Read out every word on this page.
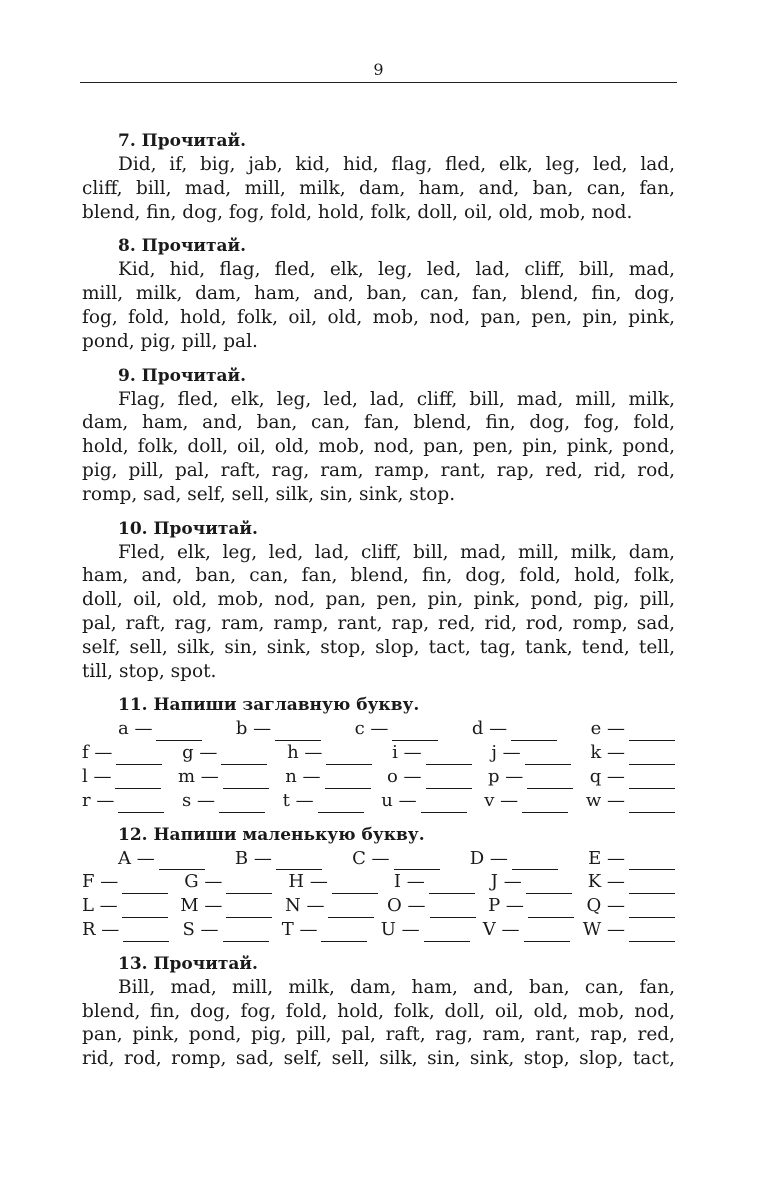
9
7. Прочитай.
Did, if, big, jab, kid, hid, flag, fled, elk, leg, led, lad,
cliff, bill, mad, mill, milk, dam, ham, and, ban, can, fan,
blend, fin, dog, fog, fold, hold, folk, doll, oil, old, mob, nod.
8. Прочитай.
Kid, hid, flag, fled, elk, leg, led, lad, cliff, bill, mad,
mill, milk, dam, ham, and, ban, can, fan, blend, fin, dog,
fog, fold, hold, folk, oil, old, mob, nod, pan, pen, pin, pink,
pond, pig, pill, pal.
9. Прочитай.
Flag, fled, elk, leg, led, lad, cliff, bill, mad, mill, milk,
dam, ham, and, ban, can, fan, blend, fin, dog, fog, fold,
hold, folk, doll, oil, old, mob, nod, pan, pen, pin, pink, pond,
pig, pill, pal, raft, rag, ram, ramp, rant, rap, red, rid, rod,
romp, sad, self, sell, silk, sin, sink, stop.
10. Прочитай.
Fled, elk, leg, led, lad, cliff, bill, mad, mill, milk, dam,
ham, and, ban, can, fan, blend, fin, dog, fold, hold, folk,
doll, oil, old, mob, nod, pan, pen, pin, pink, pond, pig, pill,
pal, raft, rag, ram, ramp, rant, rap, red, rid, rod, romp, sad,
self, sell, silk, sin, sink, stop, slop, tact, tag, tank, tend, tell,
till, stop, spot.
11. Напиши заглавную букву.
a —	b —	c —	d —	e —
f —	g —	h —	i —	j —	k —
l —	m —	n —	o —	p —	q —
r —	s —	t —	u —	v —	w —
12. Напиши маленькую букву.
A —	B —	C —	D —	E —
F —	G —	H —	I —	J —	K —
L —	M —	N —	O —	P —	Q —
R —	S —	T —	U —	V —	W —
13. Прочитай.
Bill, mad, mill, milk, dam, ham, and, ban, can, fan,
blend, fin, dog, fog, fold, hold, folk, doll, oil, old, mob, nod,
pan, pink, pond, pig, pill, pal, raft, rag, ram, rant, rap, red,
rid, rod, romp, sad, self, sell, silk, sin, sink, stop, slop, tact,
